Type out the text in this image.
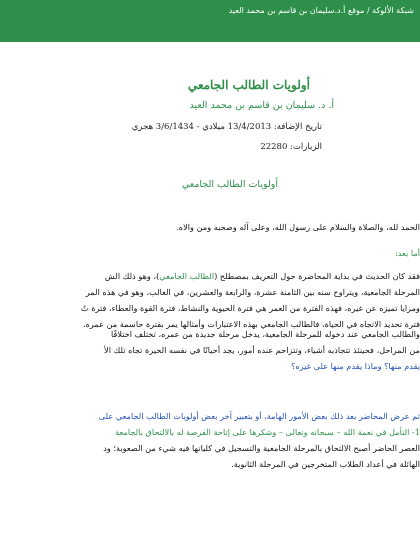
شبكة الألوكة / موقع أ.د.سليمان بن قاسم بن محمد العيد
أولويات الطالب الجامعي
أ. د. سليمان بن قاسم بن محمد العيد
تاريخ الإضافة: 13/4/2013 ميلادي - 3/6/1434 هجري
الزيارات: 22280
أولويات الطالب الجامعي

الحمد لله، والصلاة والسلام على رسول الله، وعلى آله وصحبه ومن والاه.

أما بعد:

فقد كان الحديث في بداية المحاضرة حول التعريف بمصطلح (الطالب الجامعي)، وهو ذلك الش

المرحلة الجامعية، ويتراوح سنه بين الثامنة عشرة، والرابعة والعشرين، في الغالب، وهو في هذه المر

ومزايا تميزه عن غيره، فهذه الفترة من العمر هي فترة الحيوية والنشاط، فترة القوة والعطاء، فترة تُ

فترة تحديد الاتجاه في الحياة، فالطالب الجامعي بهذه الاعتبارات وأمثالها يمر بفترة حاسمة من عمره.

والطالب الجامعي عند دخوله للمرحلة الجامعية، يدخل مرحلة جديدة من عمره، تختلف اختلافًا

من المراحل، فحينئذ تتجاذبه أشياء، وتتزاحم عنده أمور، يجد أحيانًا في نفسه الحيرة تجاه تلك الأ

يقدم منها؟ وماذا يقدم منها على غيره؟

ثم عرض المحاضر بعد ذلك بعض الأمور الهامة، أو بتعبير آخر بعض أولويات الطالب الجامعي على

1- التأمل في نعمة الله – سبحانه وتعالى – وشكرها على إتاحة الفرصة له بالالتحاق بالجامعة

العصر الحاضر أصبح الالتحاق بالمرحلة الجامعية والتسجيل في كلياتها فيه شيء من الصعوبة؛ ود

الهائلة في أعداد الطلاب المتخرجين في المرحلة الثانوية.
